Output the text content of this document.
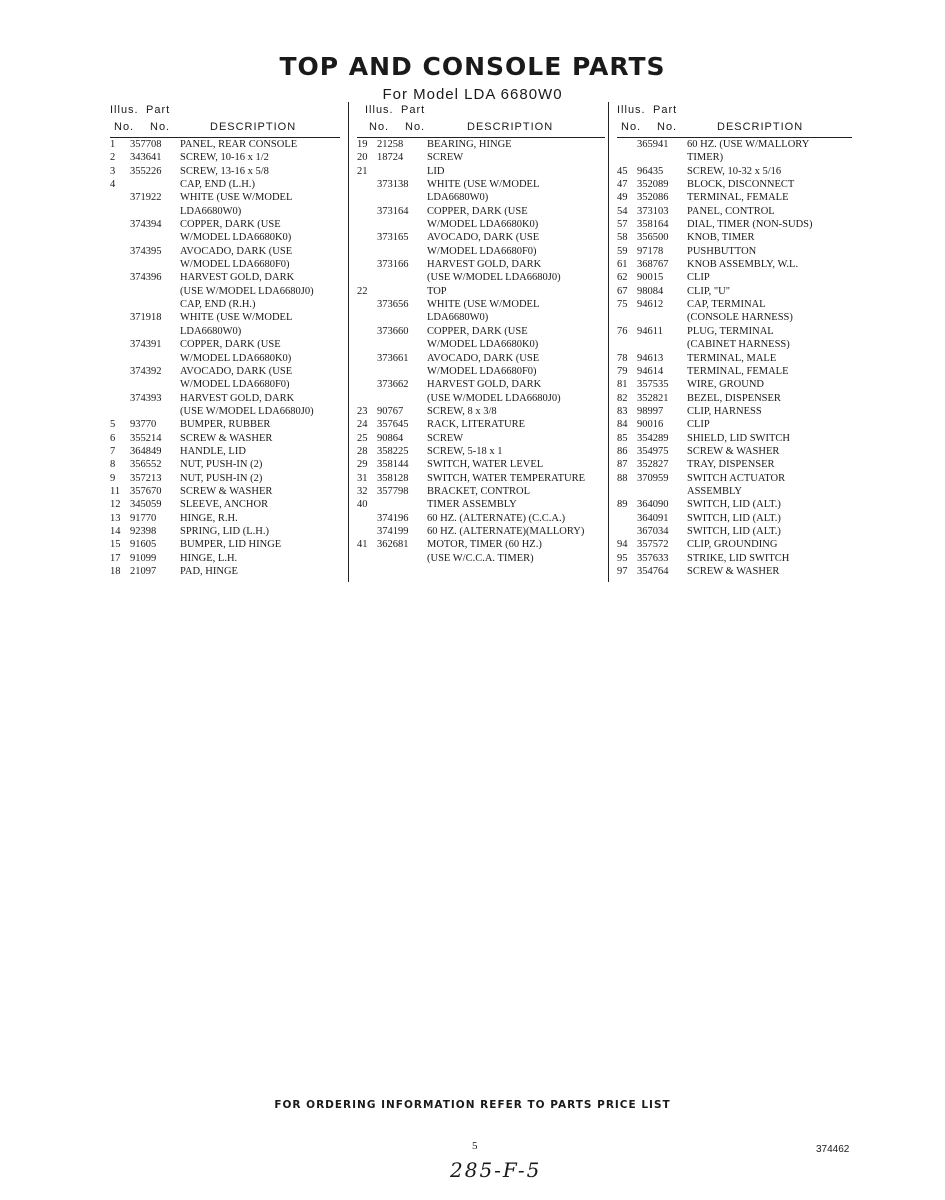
TOP AND CONSOLE PARTS
For Model LDA 6680W0
Illus. Part
No. No.	DESCRIPTION
1 357708 PANEL, REAR CONSOLE
2 343641 SCREW, 10-16 x 1/2
3 355226 SCREW, 13-16 x 5/8
4	CAP, END (L.H.)
371922 WHITE (USE W/MODEL
LDA6680W0)
374394 COPPER, DARK (USE
W/MODEL LDA6680K0)
374395 AVOCADO, DARK (USE
W/MODEL LDA6680F0)
374396 HARVEST GOLD, DARK
(USE W/MODEL LDA6680J0)
CAP, END (R.H.)
371918 WHITE (USE W/MODEL
LDA6680W0)
374391 COPPER, DARK (USE
W/MODEL LDA6680K0)
374392 AVOCADO, DARK (USE
W/MODEL LDA6680F0)
374393 HARVEST GOLD, DARK
(USE W/MODEL LDA6680J0)
5 93770 BUMPER, RUBBER
6 355214 SCREW & WASHER
7 364849 HANDLE, LID
8 356552 NUT, PUSH-IN (2)
9 357213 NUT, PUSH-IN (2)
11 357670 SCREW & WASHER
12 345059 SLEEVE, ANCHOR
13 91770 HINGE, R.H.
14 92398 SPRING, LID (L.H.)
15 91605 BUMPER, LID HINGE
17 91099 HINGE, L.H.
18 21097 PAD, HINGE
Illus. Part
No. No.	DESCRIPTION
19 21258 BEARING, HINGE
20 18724 SCREW
21	LID
373138 WHITE (USE W/MODEL
LDA6680W0)
373164 COPPER, DARK (USE
W/MODEL LDA6680K0)
373165 AVOCADO, DARK (USE
W/MODEL LDA6680F0)
373166 HARVEST GOLD, DARK
(USE W/MODEL LDA6680J0)
22	TOP
373656 WHITE (USE W/MODEL
LDA6680W0)
373660 COPPER, DARK (USE
W/MODEL LDA6680K0)
373661 AVOCADO, DARK (USE
W/MODEL LDA6680F0)
373662 HARVEST GOLD, DARK
(USE W/MODEL LDA6680J0)
23 90767 SCREW, 8 x 3/8
24 357645 RACK, LITERATURE
25 90864 SCREW
28 358225 SCREW, 5-18 x 1
29 358144 SWITCH, WATER LEVEL
31 358128 SWITCH, WATER TEMPERATURE
32 357798 BRACKET, CONTROL
40	TIMER ASSEMBLY
374196 60 HZ. (ALTERNATE) (C.C.A.)
374199 60 HZ. (ALTERNATE)(MALLORY)
41 362681 MOTOR, TIMER (60 HZ.)
(USE W/C.C.A. TIMER)
Illus. Part
No. No.	DESCRIPTION
365941 60 HZ. (USE W/MALLORY
TIMER)
45 96435 SCREW, 10-32 x 5/16
47 352089 BLOCK, DISCONNECT
49 352086 TERMINAL, FEMALE
54 373103 PANEL, CONTROL
57 358164 DIAL, TIMER (NON-SUDS)
58 356500 KNOB, TIMER
59 97178 PUSHBUTTON
61 368767 KNOB ASSEMBLY, W.L.
62 90015 CLIP
67 98084 CLIP, "U"
75 94612 CAP, TERMINAL
(CONSOLE HARNESS)
76 94611 PLUG, TERMINAL
(CABINET HARNESS)
78 94613 TERMINAL, MALE
79 94614 TERMINAL, FEMALE
81 357535 WIRE, GROUND
82 352821 BEZEL, DISPENSER
83 98997 CLIP, HARNESS
84 90016 CLIP
85 354289 SHIELD, LID SWITCH
86 354975 SCREW & WASHER
87 352827 TRAY, DISPENSER
88 370959 SWITCH ACTUATOR
ASSEMBLY
89 364090 SWITCH, LID (ALT.)
364091 SWITCH, LID (ALT.)
367034 SWITCH, LID (ALT.)
94 357572 CLIP, GROUNDING
95 357633 STRIKE, LID SWITCH
97 354764 SCREW & WASHER
FOR ORDERING INFORMATION REFER TO PARTS PRICE LIST
5	374462
285-F-5
